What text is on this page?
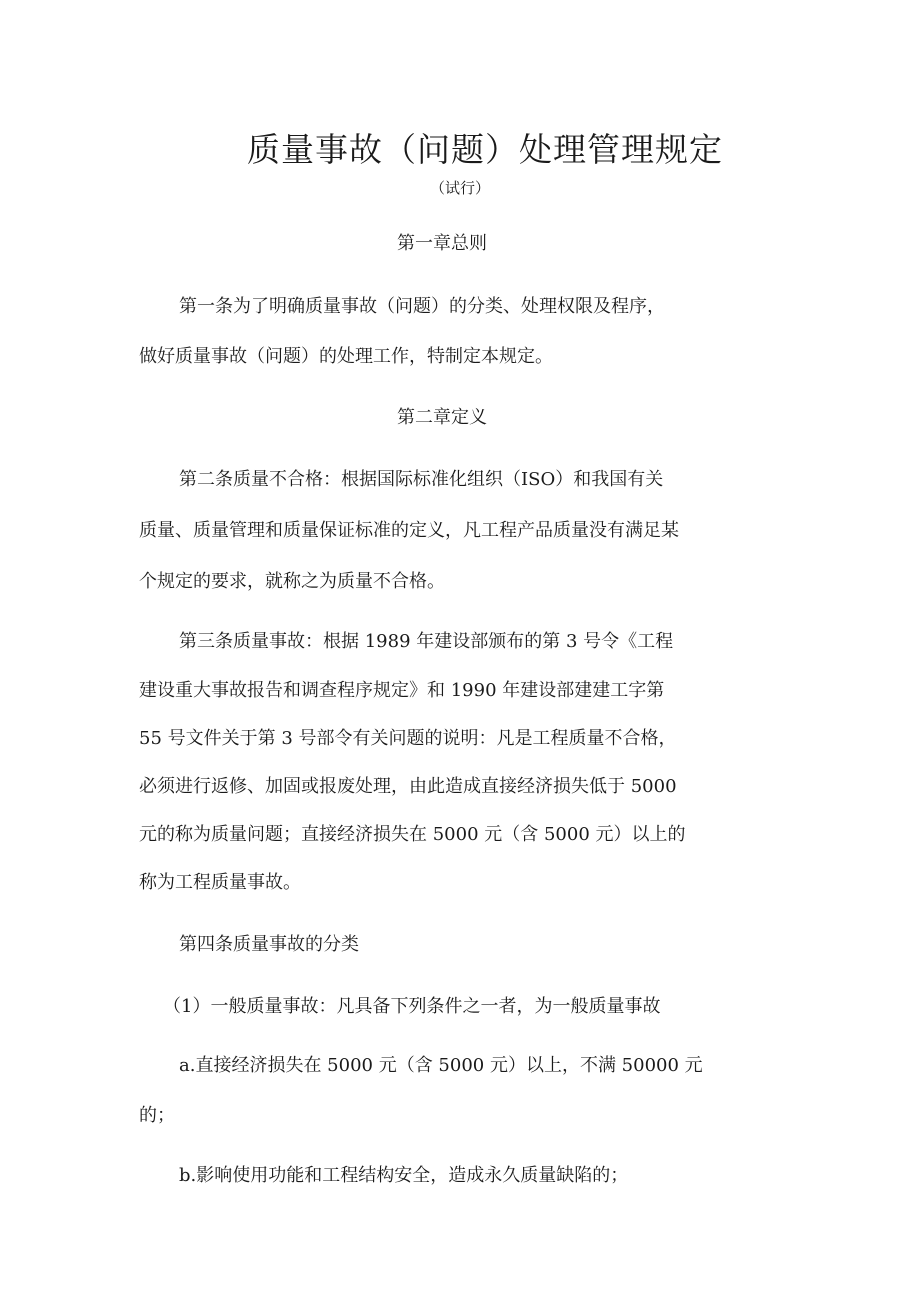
质量事故（问题）处理管理规定
（试行）
第一章总则
第一条为了明确质量事故（问题）的分类、处理权限及程序，
做好质量事故（问题）的处理工作，特制定本规定。
第二章定义
第二条质量不合格：根据国际标准化组织（ISO）和我国有关
质量、质量管理和质量保证标准的定义，凡工程产品质量没有满足某
个规定的要求，就称之为质量不合格。
第三条质量事故：根据 1989 年建设部颁布的第 3 号令《工程
建设重大事故报告和调查程序规定》和 1990 年建设部建建工字第
55 号文件关于第 3 号部令有关问题的说明：凡是工程质量不合格，
必须进行返修、加固或报废处理，由此造成直接经济损失低于 5000
元的称为质量问题；直接经济损失在 5000 元（含 5000 元）以上的
称为工程质量事故。
第四条质量事故的分类
（1）一般质量事故：凡具备下列条件之一者，为一般质量事故
a.直接经济损失在 5000 元（含 5000 元）以上，不满 50000 元
的；
b.影响使用功能和工程结构安全，造成永久质量缺陷的；
